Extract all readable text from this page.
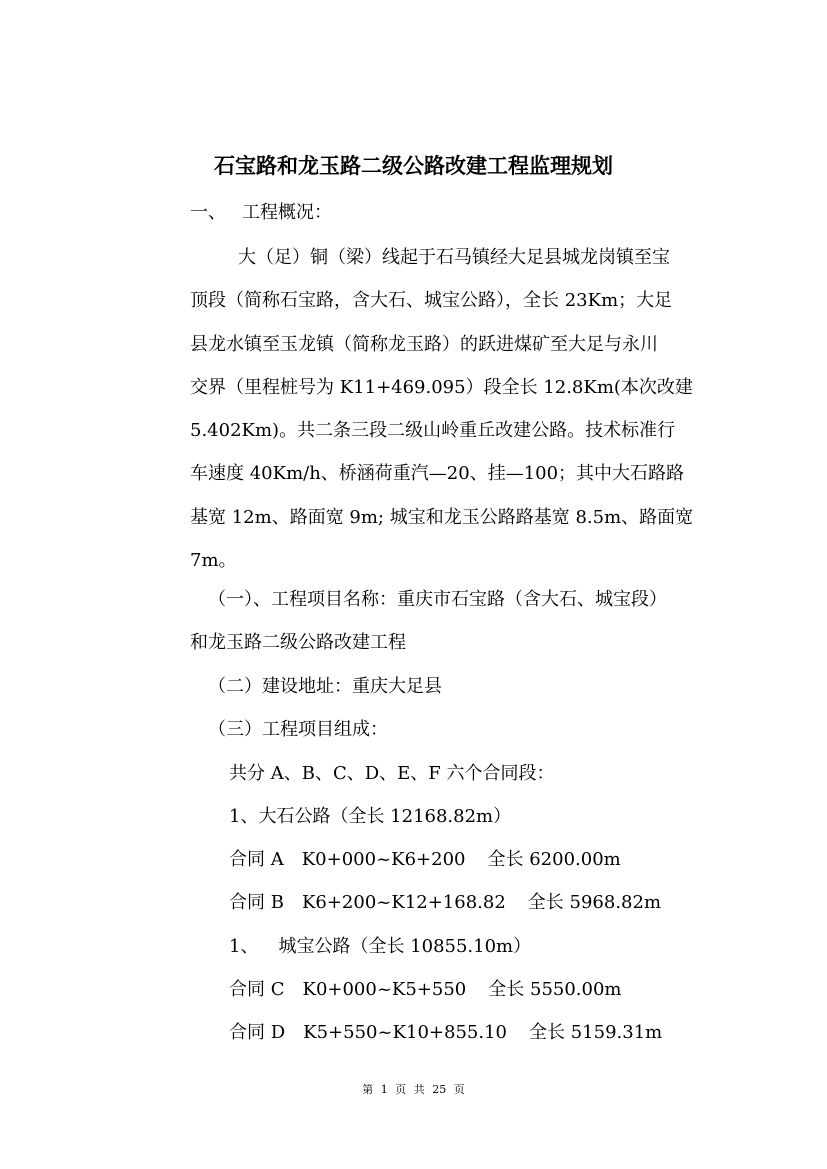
石宝路和龙玉路二级公路改建工程监理规划
一、 工程概况：

大（足）铜（梁）线起于石马镇经大足县城龙岗镇至宝

顶段（简称石宝路，含大石、城宝公路），全长 23Km；大足

县龙水镇至玉龙镇（简称龙玉路）的跃进煤矿至大足与永川

交界（里程桩号为 K11+469.095）段全长 12.8Km(本次改建

5.402Km)。共二条三段二级山岭重丘改建公路。技术标准行

车速度 40Km/h、桥涵荷重汽—20、挂—100；其中大石路路

基宽 12m、路面宽 9m; 城宝和龙玉公路路基宽 8.5m、路面宽

7m。

（一）、工程项目名称：重庆市石宝路（含大石、城宝段）
和龙玉路二级公路改建工程
（二）建设地址：重庆大足县
（三）工程项目组成：
共分 A、B、C、D、E、F 六个合同段：
1、大石公路（全长 12168.82m）
合同 A K0+000~K6+200 全长 6200.00m
合同 B K6+200~K12+168.82 全长 5968.82m
1、 城宝公路（全长 10855.10m）
合同 C K0+000~K5+550 全长 5550.00m
合同 D K5+550~K10+855.10 全长 5159.31m
第 1 页 共 25 页
